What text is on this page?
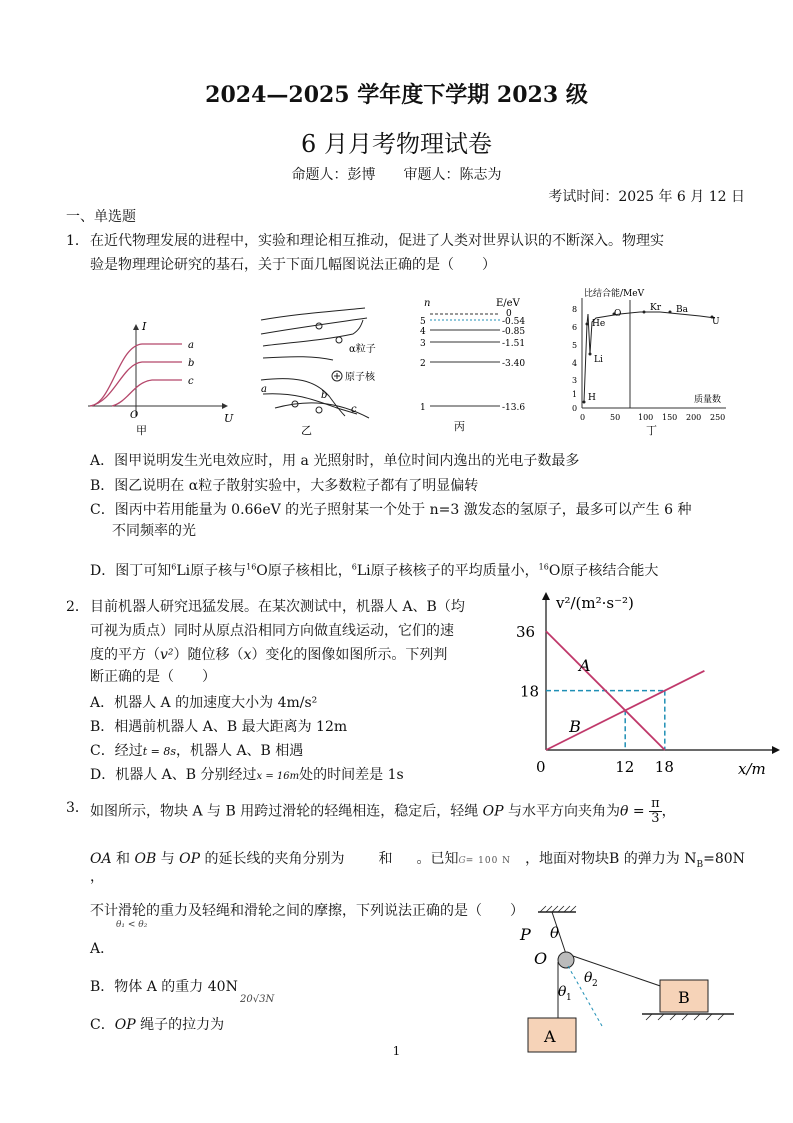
2024—2025 学年度下学期 2023 级
6 月月考物理试卷
命题人：彭博　　审题人：陈志为
考试时间：2025 年 6 月 12 日
一、单选题
1． 在近代物理发展的进程中，实验和理论相互推动，促进了人类对世界认识的不断深入。物理实
验是物理理论研究的基石，关于下面几幅图说法正确的是（　　）
I
U
O
a
b
c
甲
α粒子
原子核
a
b
c
乙
n	E/eV
5
4
3
2
1
0
-0.54
-0.85
-1.51
-3.40
-13.6
丙
比结合能/MeV
0
1
3
4
5
6
8
0	50 100 150 200 250
He
O
Kr Ba
U
Li
H	质量数
丁
A．图甲说明发生光电效应时，用 a 光照射时，单位时间内逸出的光电子数最多
B．图乙说明在 α粒子散射实验中，大多数粒子都有了明显偏转
C．图丙中若用能量为 0.66eV 的光子照射某一个处于 n=3 激发态的氢原子，最多可以产生 6 种
不同频率的光
D．图丁可知$^6$Li原子核与$^{16}$O原子核相比，$^6$Li原子核核子的平均质量小，$^{16}$O原子核结合能大
2． 目前机器人研究迅猛发展。在某次测试中，机器人 A、B（均
可视为质点）同时从原点沿相同方向做直线运动，它们的速
度的平方（v²）随位移（x）变化的图像如图所示。下列判
断正确的是（　　）
A．机器人 A 的加速度大小为 4m/s²
B．相遇前机器人 A、B 最大距离为 12m
C．经过t = 8s，机器人 A、B 相遇
D．机器人 A、B 分别经过x = 16m处的时间差是 1s
A
B
36
18
12 18
0
v²/(m²·s⁻²)
x/m
3． 如图所示，物块 A 与 B 用跨过滑轮的轻绳相连，稳定后，轻绳 OP 与水平方向夹角为$\theta = \frac{\pi}{3}$ ，
OA 和 OB 与 OP 的延长线的夹角分别为 和 。已知G= 100 N ，地面对物块B 的弹力为 $N_B=80N$
，
不计滑轮的重力及轻绳和滑轮之间的摩擦，下列说法正确的是（　　）
θ₁ < θ₂
A．
B．物体 A 的重力 40N
20√3N
C．OP 绳子的拉力为
P θ
O
θ 1
θ 2
A
B
1
